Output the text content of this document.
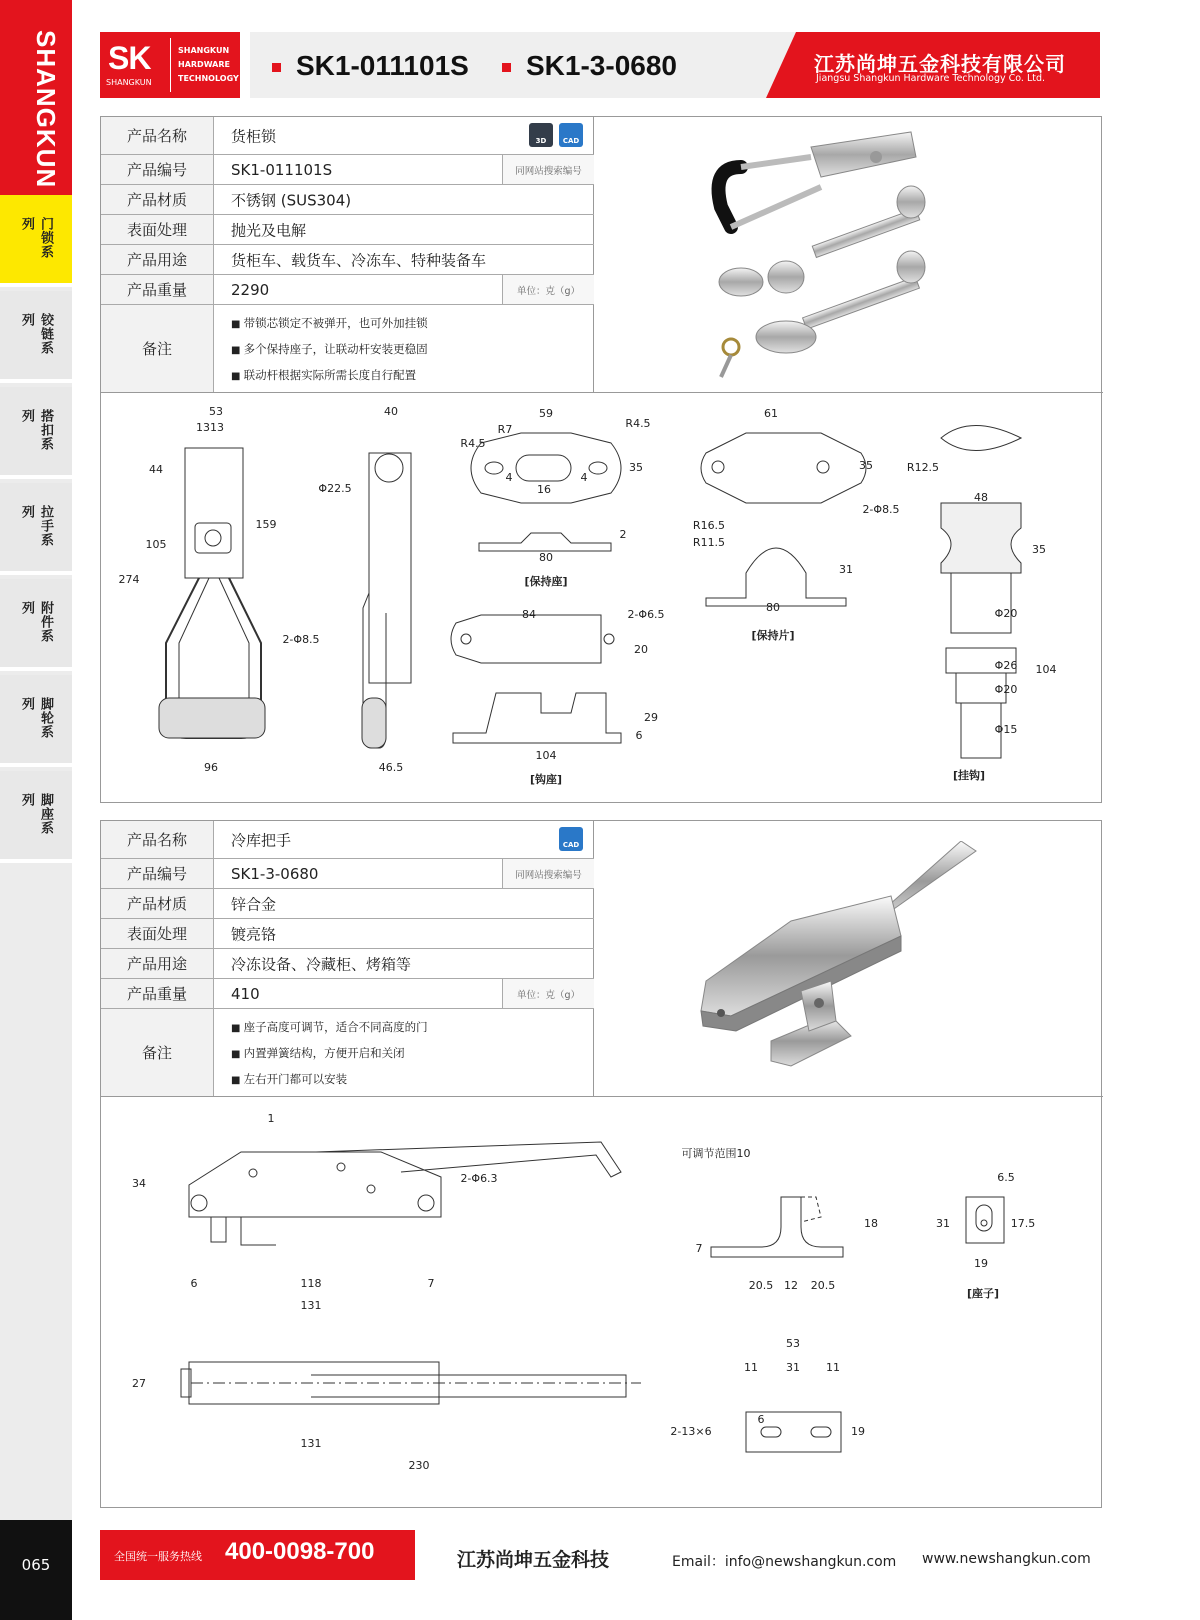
SHANGKUN
门锁系列
铰链系列
搭扣系列
拉手系列
附件系列
脚轮系列
脚座系列
065
SK
SHANGKUN
SHANGKUN
HARDWARE
TECHNOLOGY SK1-011101S SK1-3-0680	江苏尚坤五金科技有限公司
Jiangsu Shangkun Hardware Technology Co. Ltd.
产品名称	货柜锁
产品编号	SK1-011101S	同网站搜索编号
产品材质	不锈钢 (SUS304)
表面处理	抛光及电解
产品用途	货柜车、载货车、冷冻车、特种装备车
产品重量	2290	单位：克（g）
备注
■ 带锁芯锁定不被弹开，也可外加挂锁
■ 多个保持座子，让联动杆安装更稳固
■ 联动杆根据实际所需长度自行配置
3D	CAD
53
13 13
44
105
274
159
2-Φ8.5
96
40
Φ22.5
46.5
59
R7
R4.5
R4.5
4
16
4
35
2
80
[保持座]
61
35
2-Φ8.5
R16.5
R11.5
31
80
[保持片]
84	2-Φ6.5
20
29
6
104
[钩座]
R12.5
48
35
Φ20
Φ26
Φ20
104
Φ15
[挂钩]
产品名称	冷库把手
产品编号	SK1-3-0680	同网站搜索编号
产品材质	锌合金
表面处理	镀亮铬
产品用途	冷冻设备、冷藏柜、烤箱等
产品重量	410	单位：克（g）
备注
■ 座子高度可调节，适合不同高度的门
■ 内置弹簧结构，方便开启和关闭
■ 左右开门都可以安装
CAD
1
34	2-Φ6.3
6	118	7
131
27
131
230
可调节范围10
7
18
20.5 12 20.5
53
11	31 11
2-13×6
6
19
6.5
31	17.5
19
[座子]
全国统一服务热线 400-0098-700	江苏尚坤五金科技	Email：info@newshangkun.com www.newshangkun.com
